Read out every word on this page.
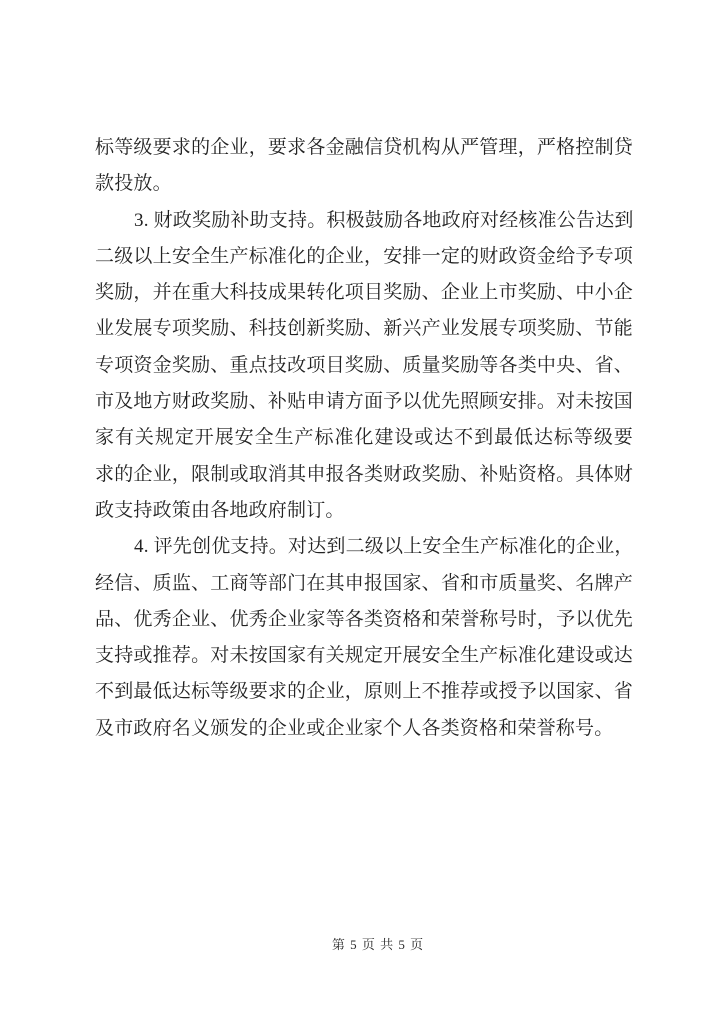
标等级要求的企业，要求各金融信贷机构从严管理，严格控制贷
款投放。
3. 财政奖励补助支持。积极鼓励各地政府对经核准公告达到
二级以上安全生产标准化的企业，安排一定的财政资金给予专项
奖励，并在重大科技成果转化项目奖励、企业上市奖励、中小企
业发展专项奖励、科技创新奖励、新兴产业发展专项奖励、节能
专项资金奖励、重点技改项目奖励、质量奖励等各类中央、省、
市及地方财政奖励、补贴申请方面予以优先照顾安排。对未按国
家有关规定开展安全生产标准化建设或达不到最低达标等级要
求的企业，限制或取消其申报各类财政奖励、补贴资格。具体财
政支持政策由各地政府制订。
4. 评先创优支持。对达到二级以上安全生产标准化的企业，
经信、质监、工商等部门在其申报国家、省和市质量奖、名牌产
品、优秀企业、优秀企业家等各类资格和荣誉称号时，予以优先
支持或推荐。对未按国家有关规定开展安全生产标准化建设或达
不到最低达标等级要求的企业，原则上不推荐或授予以国家、省
及市政府名义颁发的企业或企业家个人各类资格和荣誉称号。
第 5 页 共 5 页
